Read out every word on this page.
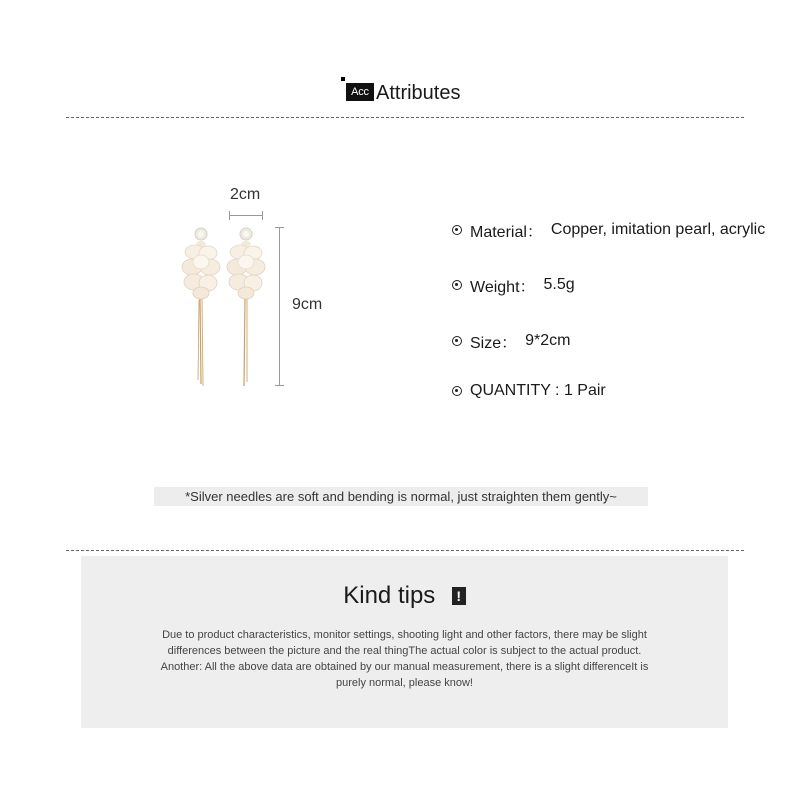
Acc Attributes
2cm
9cm
Material： Copper, imitation pearl, acrylic
Weight： 5.5g
Size： 9*2cm
QUANTITY : 1 Pair
*Silver needles are soft and bending is normal, just straighten them gently~
Kind tips !
Due to product characteristics, monitor settings, shooting light and other factors, there may be slight
differences between the picture and the real thingThe actual color is subject to the actual product.
Another: All the above data are obtained by our manual measurement, there is a slight differenceIt is
purely normal, please know!
